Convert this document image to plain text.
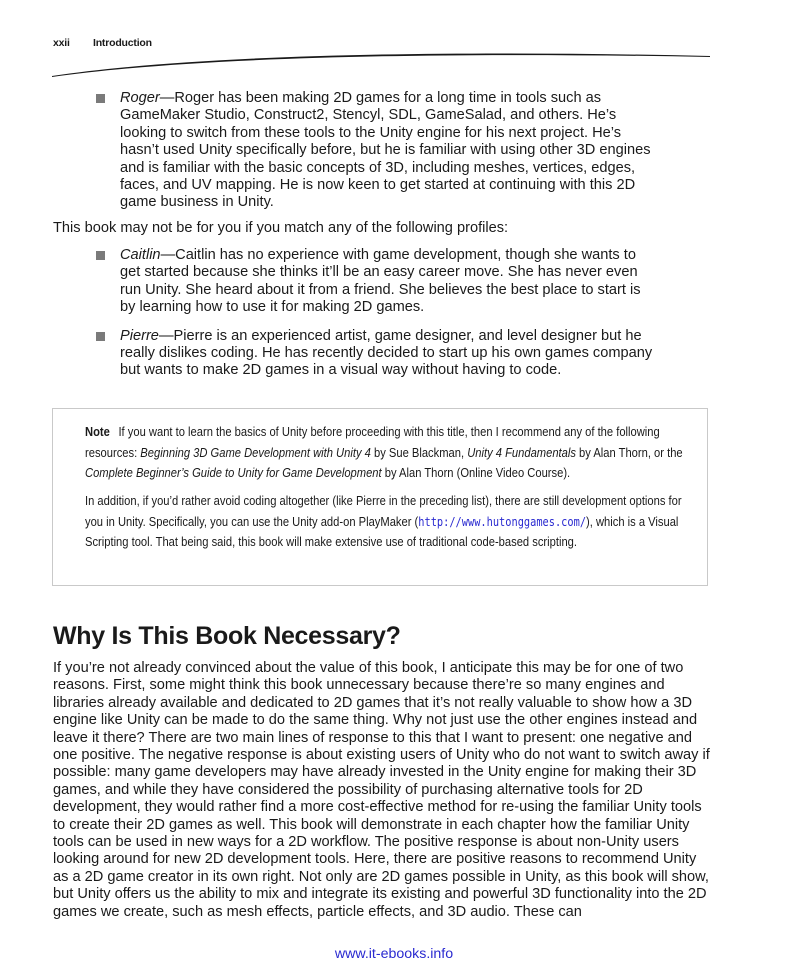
xxii Introduction
Roger—Roger has been making 2D games for a long time in tools such as GameMaker Studio, Construct2, Stencyl, SDL, GameSalad, and others. He’s looking to switch from these tools to the Unity engine for his next project. He’s hasn’t used Unity specifically before, but he is familiar with using other 3D engines and is familiar with the basic concepts of 3D, including meshes, vertices, edges, faces, and UV mapping. He is now keen to get started at continuing with this 2D game business in Unity.

This book may not be for you if you match any of the following profiles:

Caitlin—Caitlin has no experience with game development, though she wants to get started because she thinks it’ll be an easy career move. She has never even run Unity. She heard about it from a friend. She believes the best place to start is by learning how to use it for making 2D games.
Pierre—Pierre is an experienced artist, game designer, and level designer but he really dislikes coding. He has recently decided to start up his own games company but wants to make 2D games in a visual way without having to code.

Note If you want to learn the basics of Unity before proceeding with this title, then I recommend any of the following resources: Beginning 3D Game Development with Unity 4 by Sue Blackman, Unity 4 Fundamentals by Alan Thorn, or the Complete Beginner’s Guide to Unity for Game Development by Alan Thorn (Online Video Course).

In addition, if you’d rather avoid coding altogether (like Pierre in the preceding list), there are still development options for you in Unity. Specifically, you can use the Unity add-on PlayMaker (http://www.hutonggames.com/), which is a Visual Scripting tool. That being said, this book will make extensive use of traditional code-based scripting.

Why Is This Book Necessary?

If you’re not already convinced about the value of this book, I anticipate this may be for one of two reasons. First, some might think this book unnecessary because there’re so many engines and libraries already available and dedicated to 2D games that it’s not really valuable to show how a 3D engine like Unity can be made to do the same thing. Why not just use the other engines instead and leave it there? There are two main lines of response to this that I want to present: one negative and one positive. The negative response is about existing users of Unity who do not want to switch away if possible: many game developers may have already invested in the Unity engine for making their 3D games, and while they have considered the possibility of purchasing alternative tools for 2D development, they would rather find a more cost-effective method for re-using the familiar Unity tools to create their 2D games as well. This book will demonstrate in each chapter how the familiar Unity tools can be used in new ways for a 2D workflow. The positive response is about non-Unity users looking around for new 2D development tools. Here, there are positive reasons to recommend Unity as a 2D game creator in its own right. Not only are 2D games possible in Unity, as this book will show, but Unity offers us the ability to mix and integrate its existing and powerful 3D functionality into the 2D games we create, such as mesh effects, particle effects, and 3D audio. These can

www.it-ebooks.info
